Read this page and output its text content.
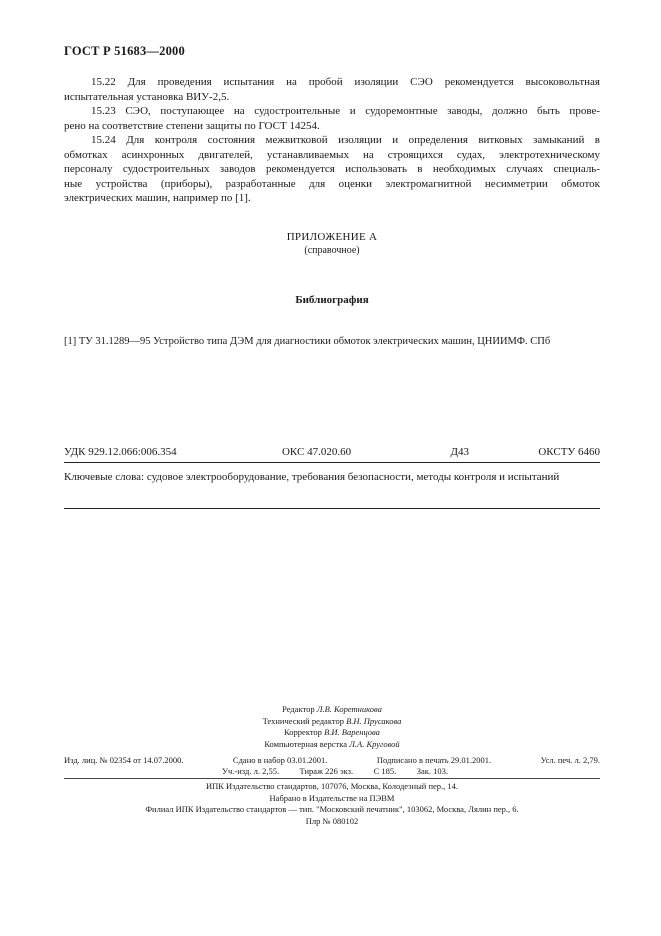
ГОСТ Р 51683—2000
15.22 Для проведения испытания на пробой изоляции СЭО рекомендуется высоковольтная
испытательная установка ВИУ-2,5.
15.23 СЭО, поступающее на судостроительные и судоремонтные заводы, должно быть прове-
рено на соответствие степени защиты по ГОСТ 14254.
15.24 Для контроля состояния межвитковой изоляции и определения витковых замыканий в
обмотках асинхронных двигателей, устанавливаемых на строящихся судах, электротехническому
персоналу судостроительных заводов рекомендуется использовать в необходимых случаях специаль-
ные устройства (приборы), разработанные для оценки электромагнитной несимметрии обмоток
электрических машин, например по [1].
ПРИЛОЖЕНИЕ А
(справочное)
Библиография
[1] ТУ 31.1289—95 Устройство типа ДЭМ для диагностики обмоток электрических машин, ЦНИИМФ. СПб
УДК 929.12.066:006.354	ОКС 47.020.60	Д43	ОКСТУ 6460
Ключевые слова: судовое электрооборудование, требования безопасности, методы контроля и испытаний
Редактор Л.В. Коретникова
Технический редактор В.Н. Прусакова
Корректор В.И. Варенцова
Компьютерная верстка Л.А. Круговой
Изд. лиц. № 02354 от 14.07.2000.	Сдано в набор 03.01.2001.	Подписано в печать 29.01.2001.	Усл. печ. л. 2,79.
Уч.-изд. л. 2,55. Тираж 226 экз. С 185. Зак. 103.
ИПК Издательство стандартов, 107076, Москва, Колодезный пер., 14.
Набрано в Издательстве на ПЭВМ
Филиал ИПК Издательство стандартов — тип. "Московский печатник", 103062, Москва, Лялин пер., 6.
Плр № 080102
